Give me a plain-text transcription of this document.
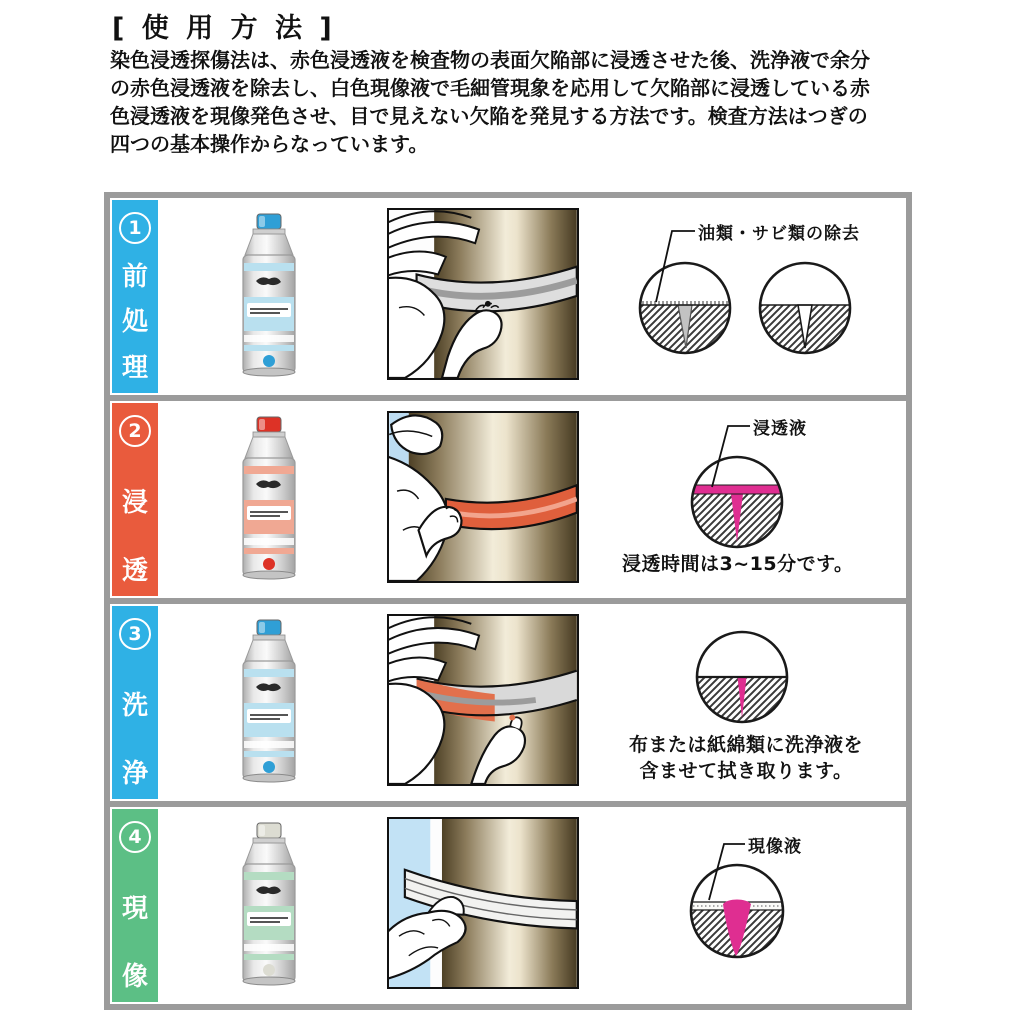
[ 使 用 方 法 ]
染色浸透探傷法は、赤色浸透液を検査物の表面欠陥部に浸透させた後、洗浄液で余分
の赤色浸透液を除去し、白色現像液で毛細管現象を応用して欠陥部に浸透している赤
色浸透液を現像発色させ、目で見えない欠陥を発見する方法です。検査方法はつぎの
四つの基本操作からなっています。
1
前
処
理
油類・サビ類の除去
2
浸
透
浸透液
浸透時間は3~15分です。
3
洗
浄
布または紙綿類に洗浄液を
含ませて拭き取ります。
4
現
像
現像液
